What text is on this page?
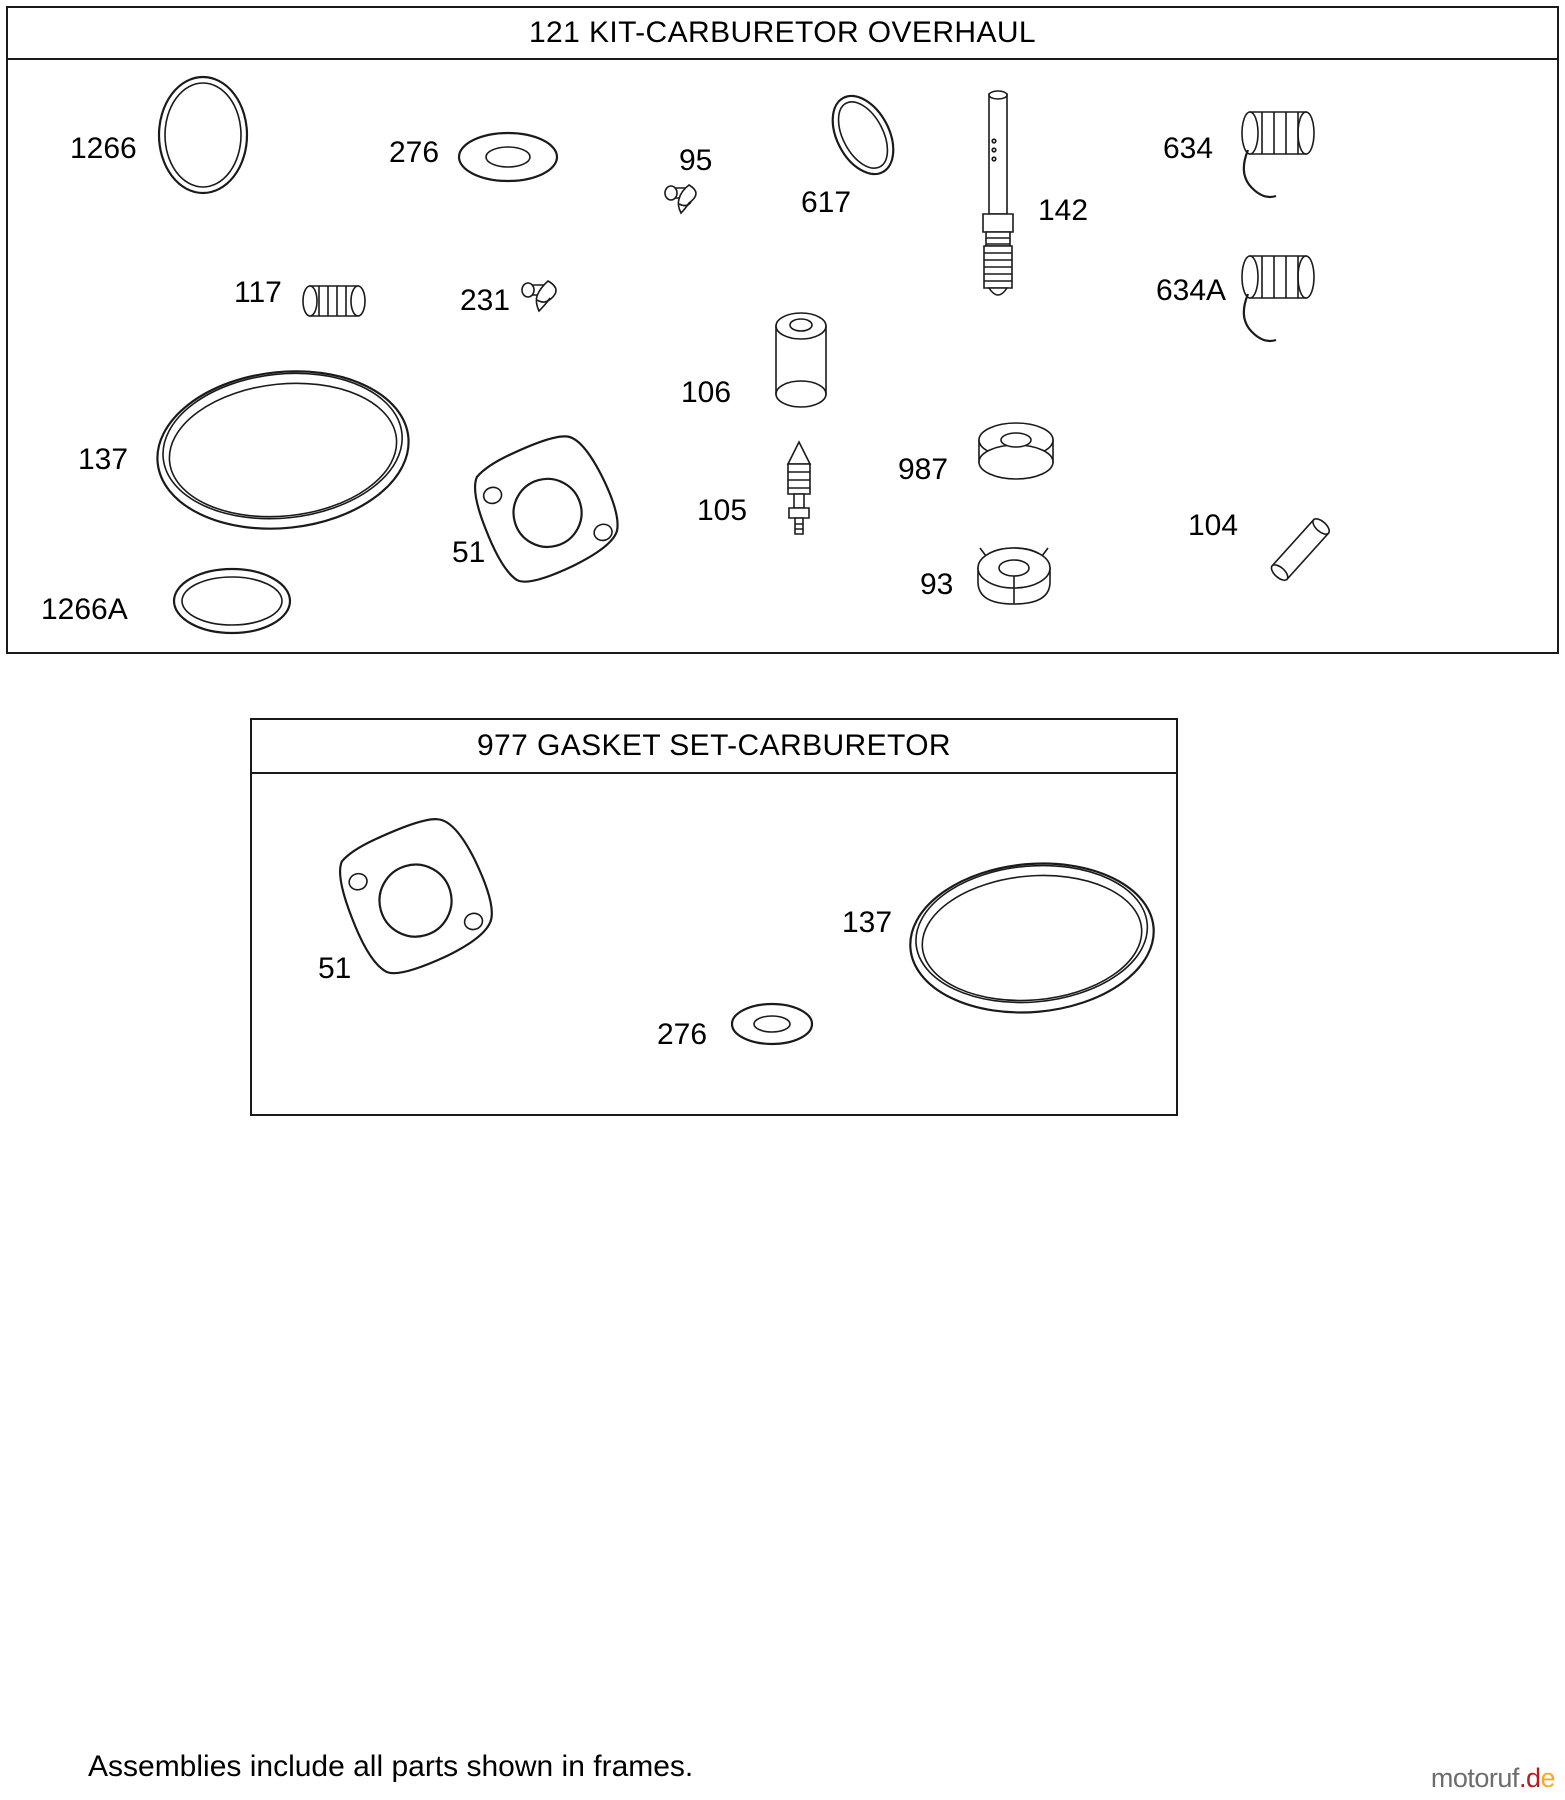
121 KIT-CARBURETOR OVERHAUL
1266	276	95
617	142
634
117	231	634A
106
137	987
105	104
51
93
1266A
977 GASKET SET-CARBURETOR
51
137
276
Assemblies include all parts shown in frames.	motoruf.de
